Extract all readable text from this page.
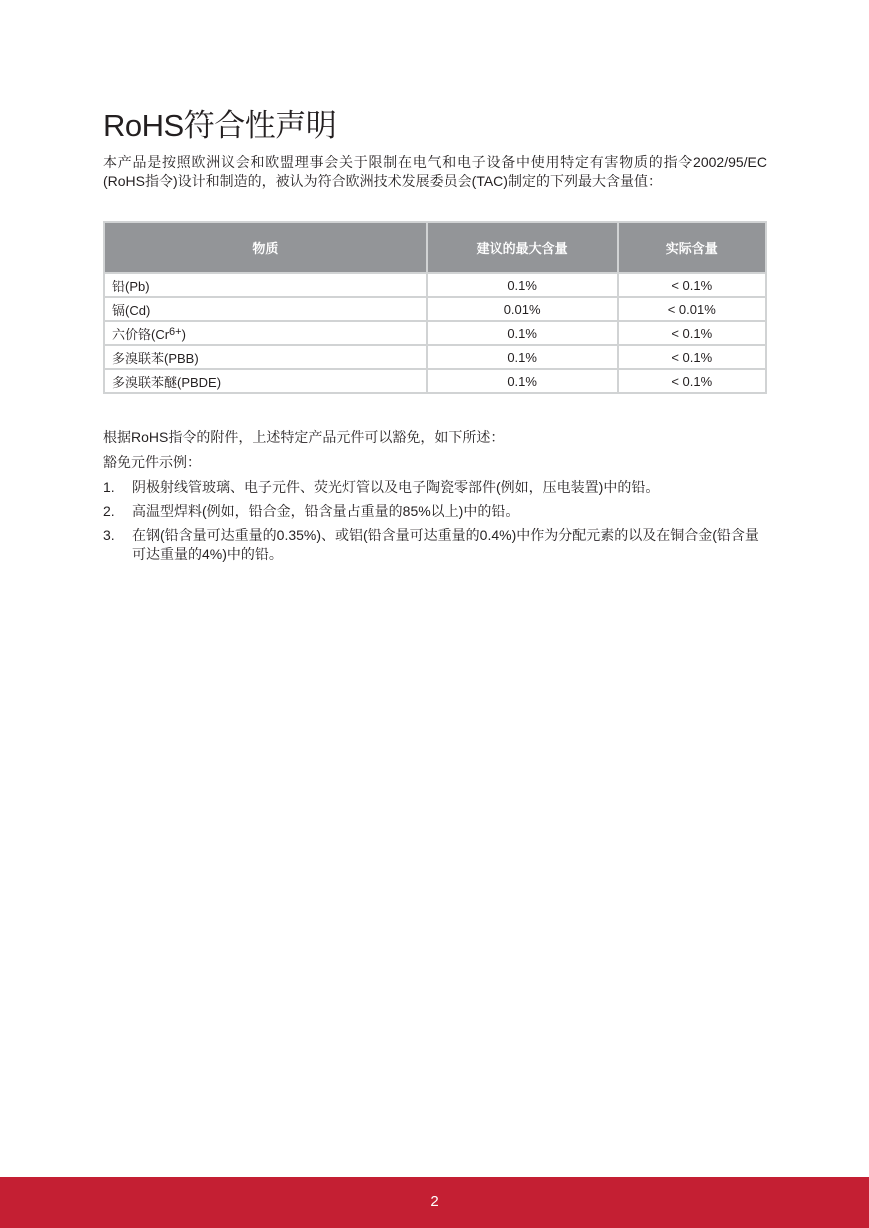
RoHS符合性声明

本产品是按照欧洲议会和欧盟理事会关于限制在电气和电子设备中使用特定有害物质的指令2002/95/EC (RoHS指令)设计和制造的，被认为符合欧洲技术发展委员会(TAC)制定的下列最大含量值：

物质	建议的最大含量	实际含量
铅(Pb)	0.1%	< 0.1%
镉(Cd)	0.01%	< 0.01%
六价铬$(Cr^{6+})$	0.1%	< 0.1%
多溴联苯(PBB)	0.1%	< 0.1%
多溴联苯醚(PBDE)	0.1%	< 0.1%

根据RoHS指令的附件，上述特定产品元件可以豁免，如下所述：

豁免元件示例：

1. 阴极射线管玻璃、电子元件、荧光灯管以及电子陶瓷零部件(例如，压电装置)中的铅。
2. 高温型焊料(例如，铅合金，铅含量占重量的85%以上)中的铅。
3. 在钢(铅含量可达重量的0.35%)、或铝(铅含量可达重量的0.4%)中作为分配元素的以及在铜合金(铅含量可达重量的4%)中的铅。
2
